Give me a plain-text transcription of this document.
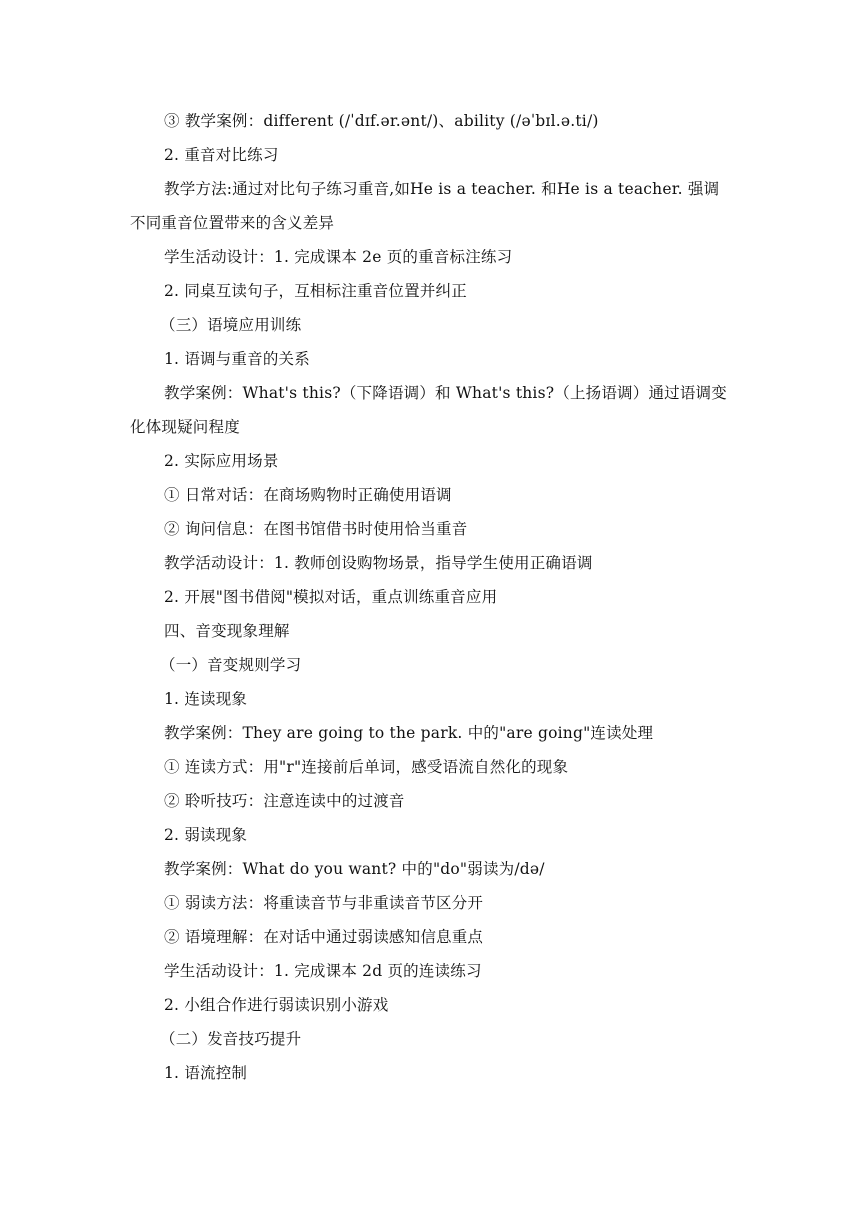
③ 教学案例：different (/ˈdɪf.ər.ənt/)、ability (/əˈbɪl.ə.ti/)
2. 重音对比练习
教学方法:通过对比句子练习重音,如He is a teacher. 和He is a teacher. 强调不同重音位置带来的含义差异
学生活动设计：1. 完成课本 2e 页的重音标注练习
2. 同桌互读句子，互相标注重音位置并纠正
（三）语境应用训练
1. 语调与重音的关系
教学案例：What's this?（下降语调）和 What's this?（上扬语调）通过语调变化体现疑问程度
2. 实际应用场景
① 日常对话：在商场购物时正确使用语调
② 询问信息：在图书馆借书时使用恰当重音
教学活动设计：1. 教师创设购物场景，指导学生使用正确语调
2. 开展"图书借阅"模拟对话，重点训练重音应用
四、音变现象理解
（一）音变规则学习
1. 连读现象
教学案例：They are going to the park. 中的"are going"连读处理
① 连读方式：用"r"连接前后单词，感受语流自然化的现象
② 聆听技巧：注意连读中的过渡音
2. 弱读现象
教学案例：What do you want? 中的"do"弱读为/də/
① 弱读方法：将重读音节与非重读音节区分开
② 语境理解：在对话中通过弱读感知信息重点
学生活动设计：1. 完成课本 2d 页的连读练习
2. 小组合作进行弱读识别小游戏
（二）发音技巧提升
1. 语流控制
